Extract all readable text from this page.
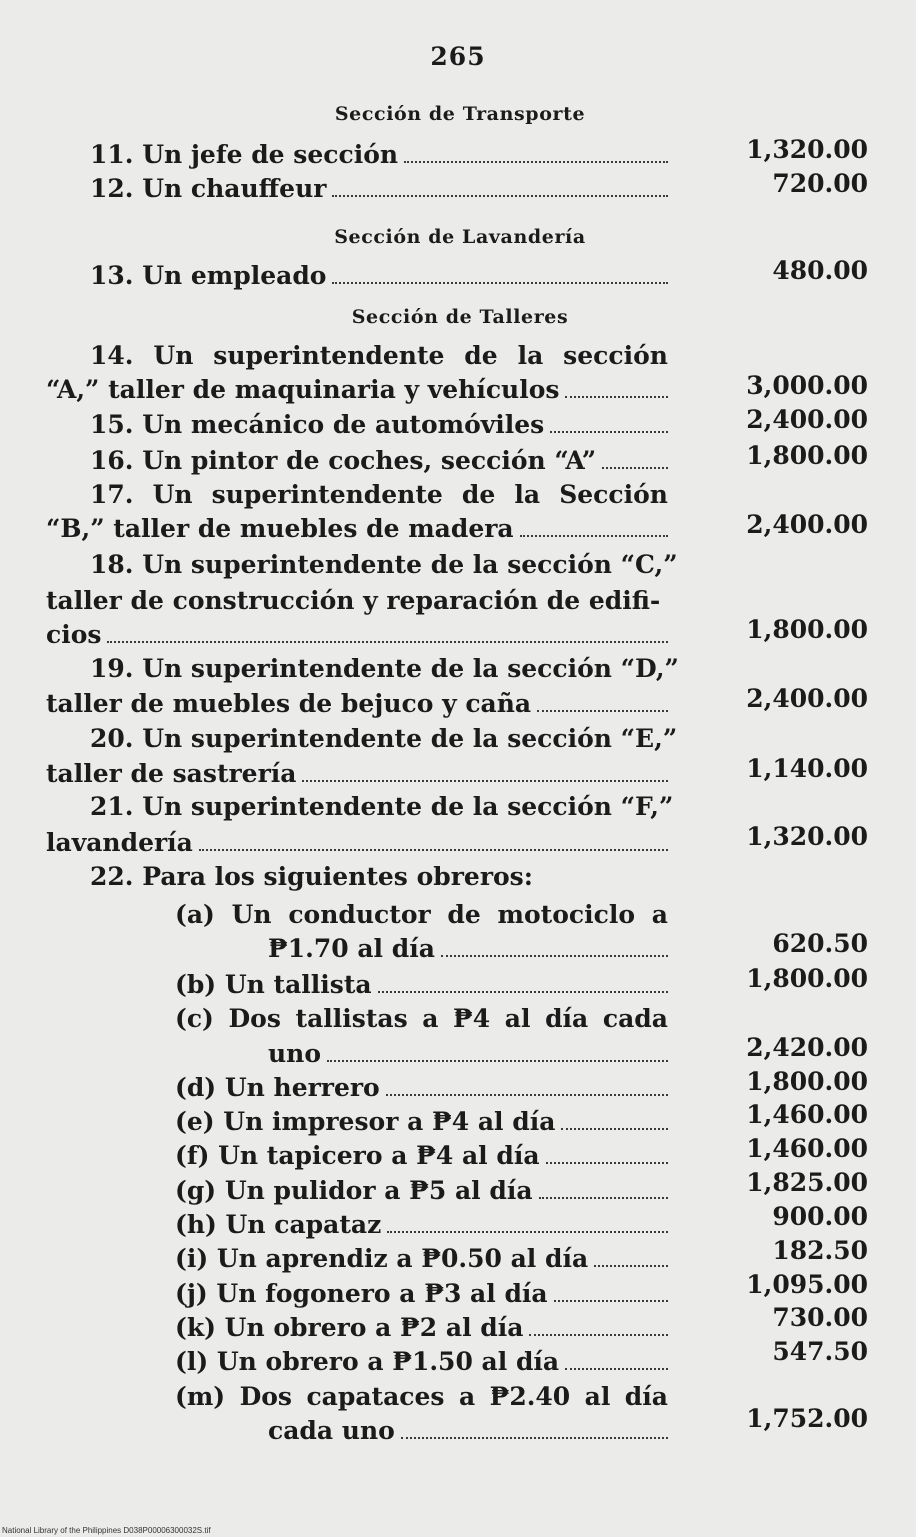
265
Sección de Transporte
11. Un jefe de sección	1,320.00
12. Un chauffeur	720.00
Sección de Lavandería
13. Un empleado	480.00
Sección de Talleres
14. Un superintendente de la sección
“A,” taller de maquinaria y vehículos	3,000.00
15. Un mecánico de automóviles	2,400.00
16. Un pintor de coches, sección “A”	1,800.00
17. Un superintendente de la Sección
“B,” taller de muebles de madera	2,400.00
18. Un superintendente de la sección “C,”
taller de construcción y reparación de edifi-
cios	1,800.00
19. Un superintendente de la sección “D,”
taller de muebles de bejuco y caña	2,400.00
20. Un superintendente de la sección “E,”
taller de sastrería	1,140.00
21. Un superintendente de la sección “F,”
lavandería	1,320.00
22. Para los siguientes obreros:
(a) Un conductor de motociclo a
₱1.70 al día	620.50
(b) Un tallista	1,800.00
(c) Dos tallistas a ₱4 al día cada
uno	2,420.00
(d) Un herrero	1,800.00
(e) Un impresor a ₱4 al día	1,460.00
(f) Un tapicero a ₱4 al día	1,460.00
(g) Un pulidor a ₱5 al día	1,825.00
(h) Un capataz	900.00
(i) Un aprendiz a ₱0.50 al día	182.50
(j) Un fogonero a ₱3 al día	1,095.00
(k) Un obrero a ₱2 al día	730.00
(l) Un obrero a ₱1.50 al día	547.50
(m) Dos capataces a ₱2.40 al día
cada uno	1,752.00
National Library of the Philippines D038P00006300032S.tif
